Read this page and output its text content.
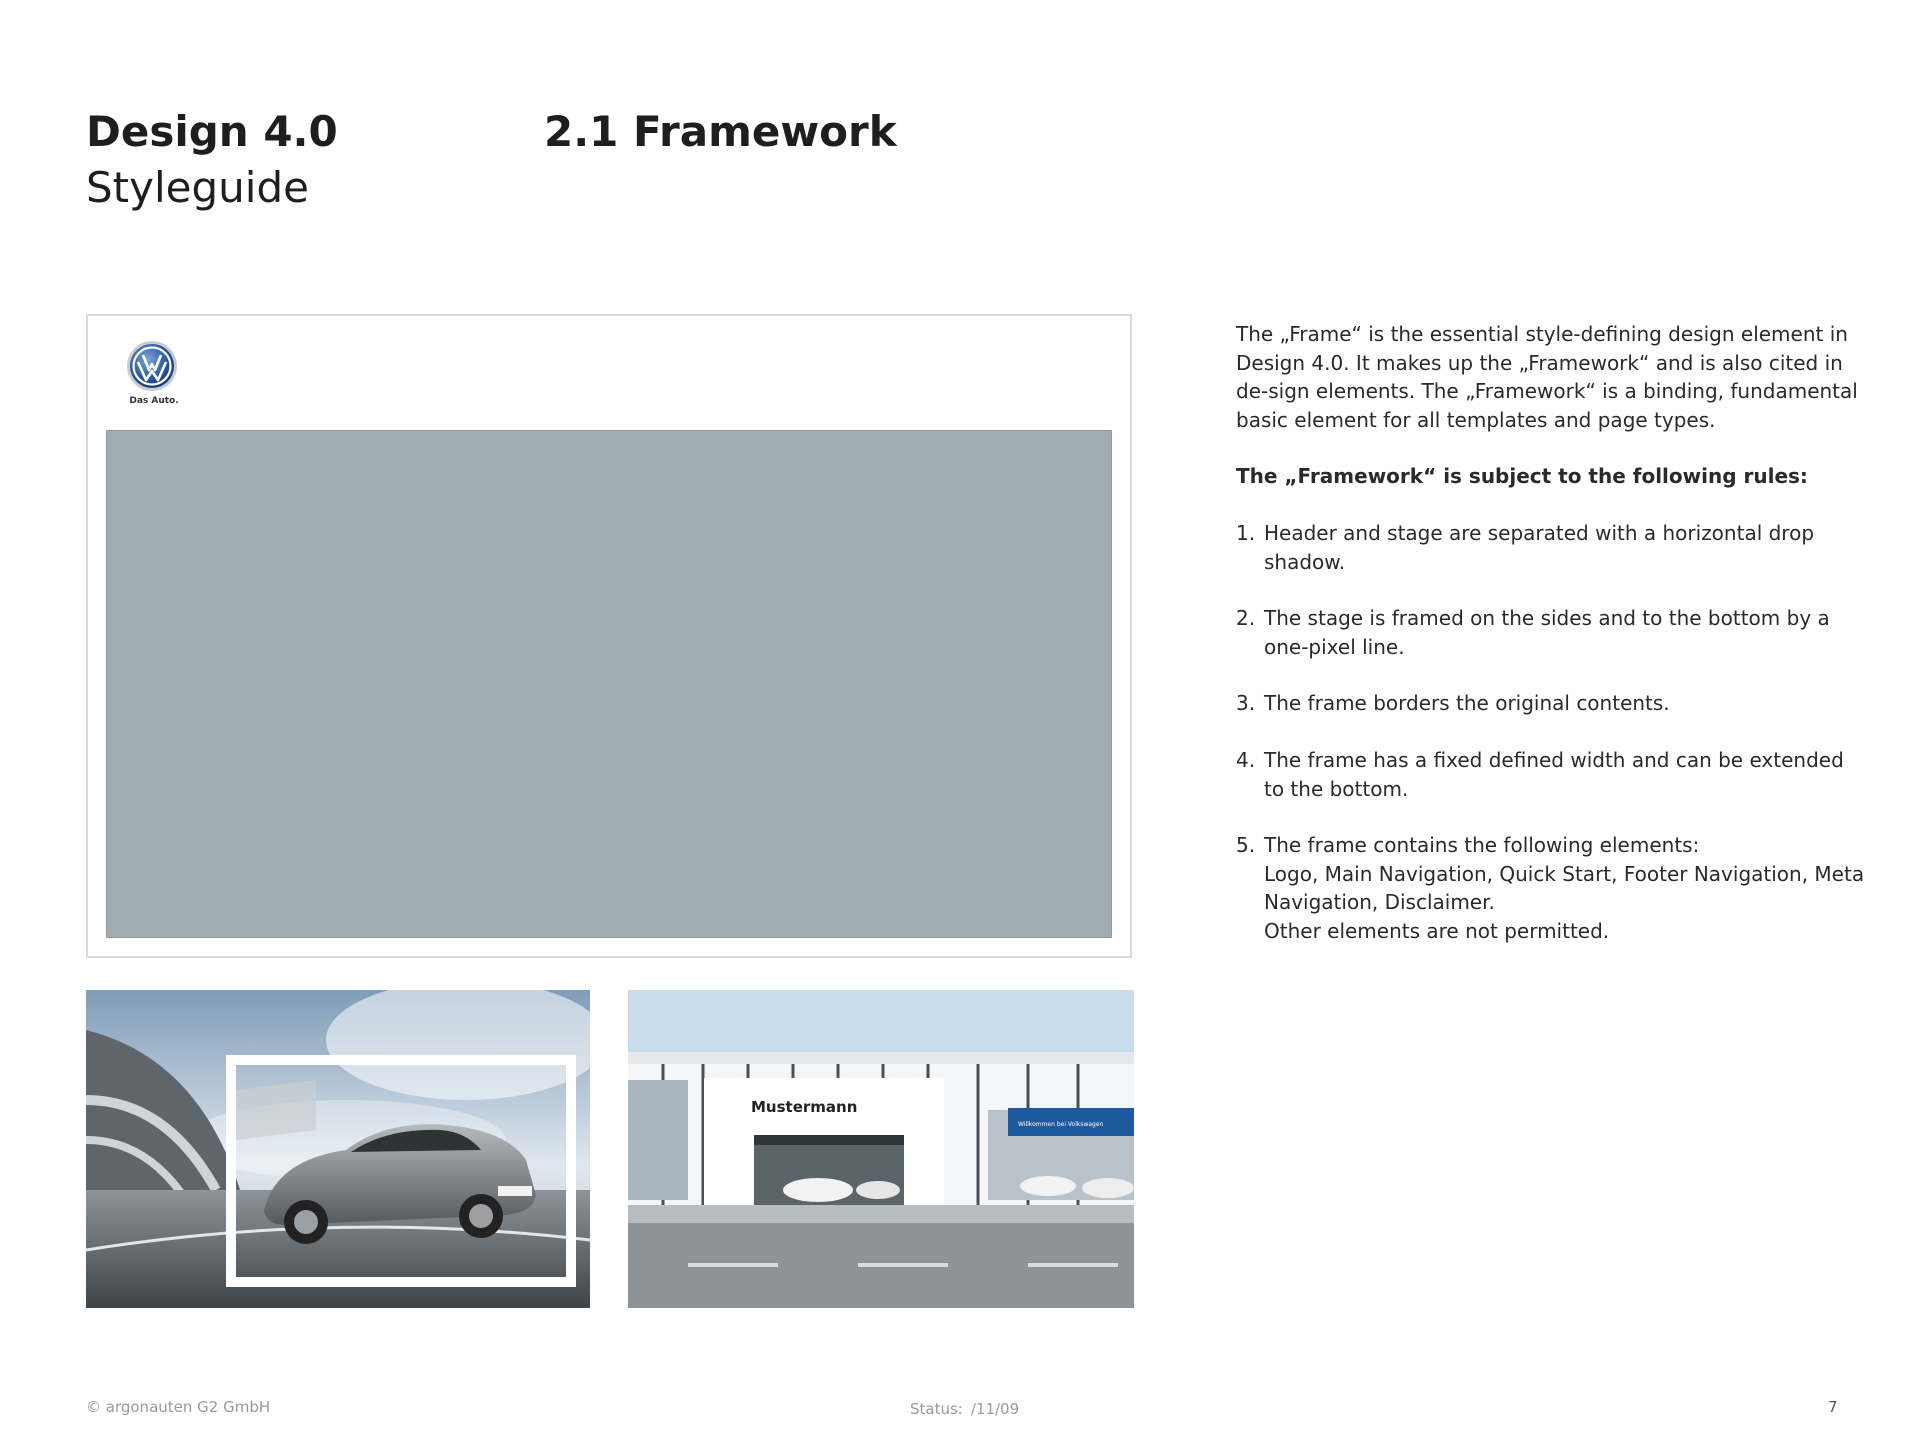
Design 4.0
Styleguide
2.1 Framework
Das Auto.
Willkommen bei Volkswagen
Mustermann

The „Frame“ is the essential style-defining design element in Design 4.0. It makes up the „Framework“ and is also cited in de-sign elements. The „Framework“ is a binding, fundamental basic element for all templates and page types.

The „Framework“ is subject to the following rules:

1. Header and stage are separated with a horizontal drop shadow.
2. The stage is framed on the sides and to the bottom by a one-pixel line.
3. The frame borders the original contents.
4. The frame has a fixed defined width and can be extended to the bottom.
5. The frame contains the following elements:
Logo, Main Navigation, Quick Start, Footer Navigation, Meta Navigation, Disclaimer.
Other elements are not permitted.
© argonauten G2 GmbH	Status: /11/09	7
